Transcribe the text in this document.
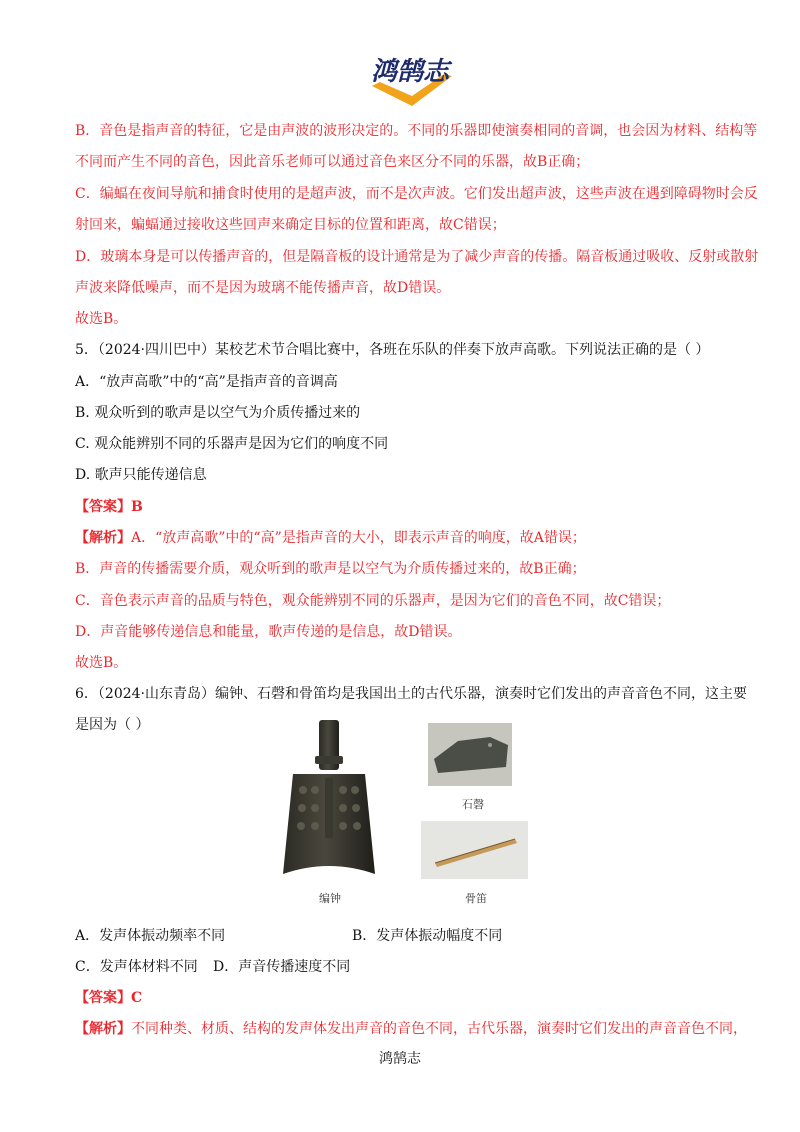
鸿鹄志
B．音色是指声音的特征，它是由声波的波形决定的。不同的乐器即使演奏相同的音调，也会因为材料、结构等
不同而产生不同的音色，因此音乐老师可以通过音色来区分不同的乐器，故B正确；
C．编蝠在夜间导航和捕食时使用的是超声波，而不是次声波。它们发出超声波，这些声波在遇到障碍物时会反
射回来，蝙蝠通过接收这些回声来确定目标的位置和距离，故C错误；
D．玻璃本身是可以传播声音的，但是隔音板的设计通常是为了减少声音的传播。隔音板通过吸收、反射或散射
声波来降低噪声，而不是因为玻璃不能传播声音，故D错误。
故选B。
5．（2024·四川巴中）某校艺术节合唱比赛中，各班在乐队的伴奏下放声高歌。下列说法正确的是（ ）
A．“放声高歌”中的“高”是指声音的音调高
B. 观众听到的歌声是以空气为介质传播过来的
C. 观众能辨别不同的乐器声是因为它们的响度不同
D. 歌声只能传递信息
【答案】B
【解析】A．“放声高歌”中的“高”是指声音的大小，即表示声音的响度，故A错误；
B．声音的传播需要介质，观众听到的歌声是以空气为介质传播过来的，故B正确；
C．音色表示声音的品质与特色，观众能辨别不同的乐器声，是因为它们的音色不同，故C错误；
D．声音能够传递信息和能量，歌声传递的是信息，故D错误。
故选B。
6．（2024·山东青岛）编钟、石磬和骨笛均是我国出土的古代乐器，演奏时它们发出的声音音色不同，这主要
是因为（ ）
编钟
石磬
骨笛
A．发声体振动频率不同	B．发声体振动幅度不同
C．发声体材料不同 D．声音传播速度不同
【答案】C
【解析】不同种类、材质、结构的发声体发出声音的音色不同，古代乐器，演奏时它们发出的声音音色不同，
鸿鹄志
